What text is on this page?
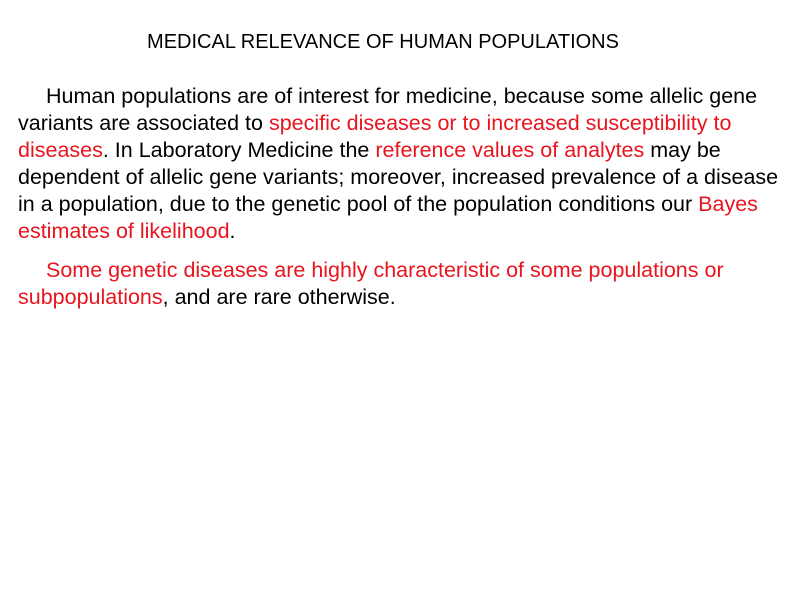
MEDICAL RELEVANCE OF HUMAN POPULATIONS

Human populations are of interest for medicine, because some allelic gene variants are associated to specific diseases or to increased susceptibility to diseases. In Laboratory Medicine the reference values of analytes may be dependent of allelic gene variants; moreover, increased prevalence of a disease in a population, due to the genetic pool of the population conditions our Bayes estimates of likelihood.

Some genetic diseases are highly characteristic of some populations or subpopulations, and are rare otherwise.
